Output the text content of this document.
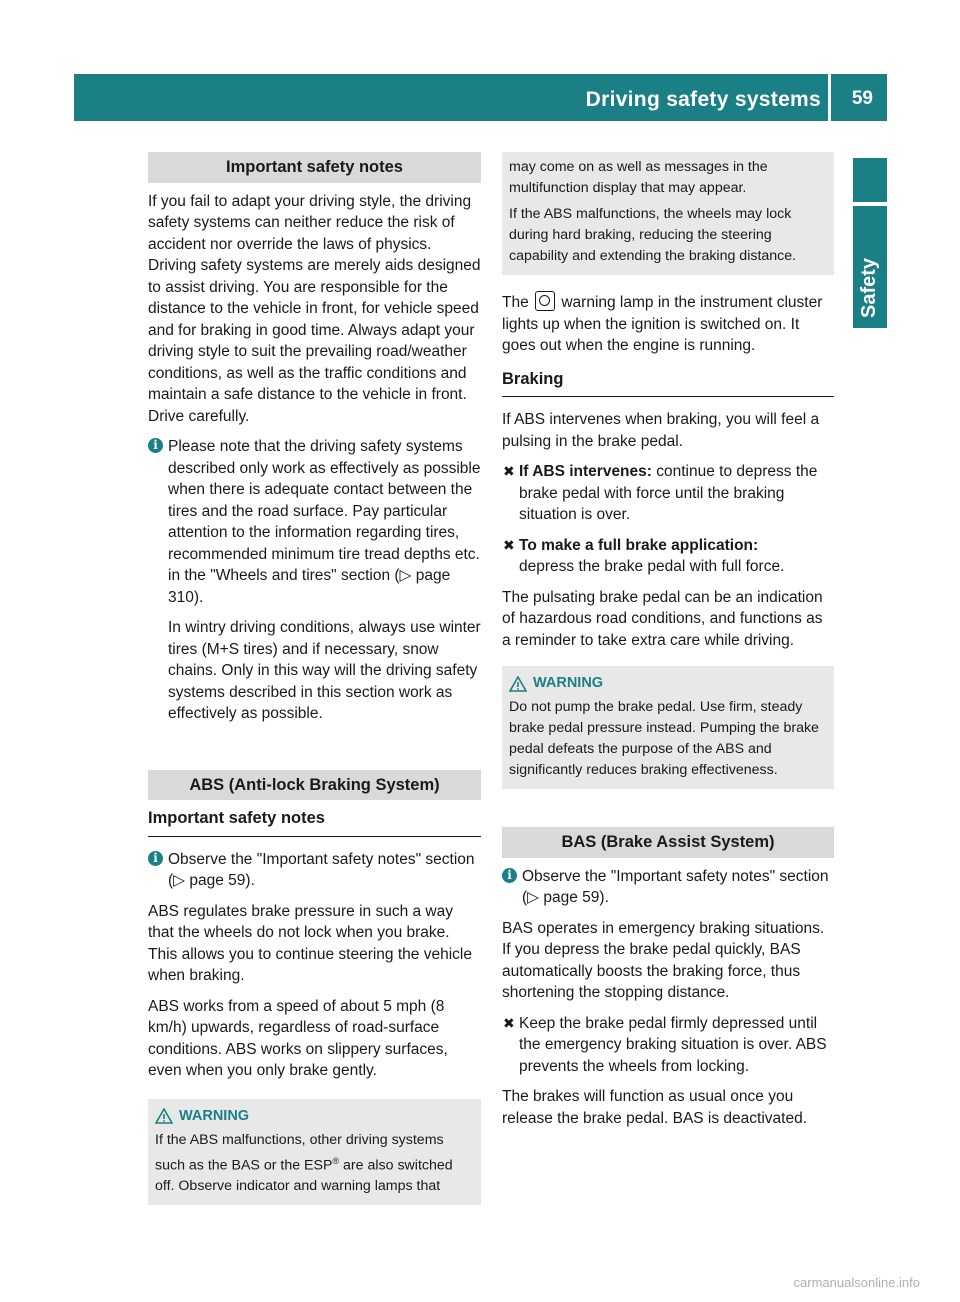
Driving safety systems 59
Safety
Important safety notes

If you fail to adapt your driving style, the driving safety systems can neither reduce the risk of accident nor override the laws of physics. Driving safety systems are merely aids designed to assist driving. You are responsible for the distance to the vehicle in front, for vehicle speed and for braking in good time. Always adapt your driving style to suit the prevailing road/weather conditions, as well as the traffic conditions and maintain a safe distance to the vehicle in front. Drive carefully.

i Please note that the driving safety systems described only work as effectively as possible when there is adequate contact between the tires and the road surface. Pay particular attention to the information regarding tires, recommended minimum tire tread depths etc. in the "Wheels and tires" section (▷ page 310).

In wintry driving conditions, always use winter tires (M+S tires) and if necessary, snow chains. Only in this way will the driving safety systems described in this section work as effectively as possible.

ABS (Anti-lock Braking System)
Important safety notes
i Observe the "Important safety notes" section (▷ page 59).

ABS regulates brake pressure in such a way that the wheels do not lock when you brake. This allows you to continue steering the vehicle when braking.

ABS works from a speed of about 5 mph (8 km/h) upwards, regardless of road-surface conditions. ABS works on slippery surfaces, even when you only brake gently.

WARNING
If the ABS malfunctions, other driving systems such as the BAS or the ESP® are also switched off. Observe indicator and warning lamps that

may come on as well as messages in the multifunction display that may appear.

If the ABS malfunctions, the wheels may lock during hard braking, reducing the steering capability and extending the braking distance.

The warning lamp in the instrument cluster lights up when the ignition is switched on. It goes out when the engine is running.

Braking

If ABS intervenes when braking, you will feel a pulsing in the brake pedal.

✖ If ABS intervenes: continue to depress the brake pedal with force until the braking situation is over.

✖ To make a full brake application:
depress the brake pedal with full force.

The pulsating brake pedal can be an indication of hazardous road conditions, and functions as a reminder to take extra care while driving.

WARNING
Do not pump the brake pedal. Use firm, steady brake pedal pressure instead. Pumping the brake pedal defeats the purpose of the ABS and significantly reduces braking effectiveness.
BAS (Brake Assist System)
i Observe the "Important safety notes" section (▷ page 59).

BAS operates in emergency braking situations. If you depress the brake pedal quickly, BAS automatically boosts the braking force, thus shortening the stopping distance.

✖ Keep the brake pedal firmly depressed until the emergency braking situation is over. ABS prevents the wheels from locking.

The brakes will function as usual once you release the brake pedal. BAS is deactivated.

carmanualsonline.info
